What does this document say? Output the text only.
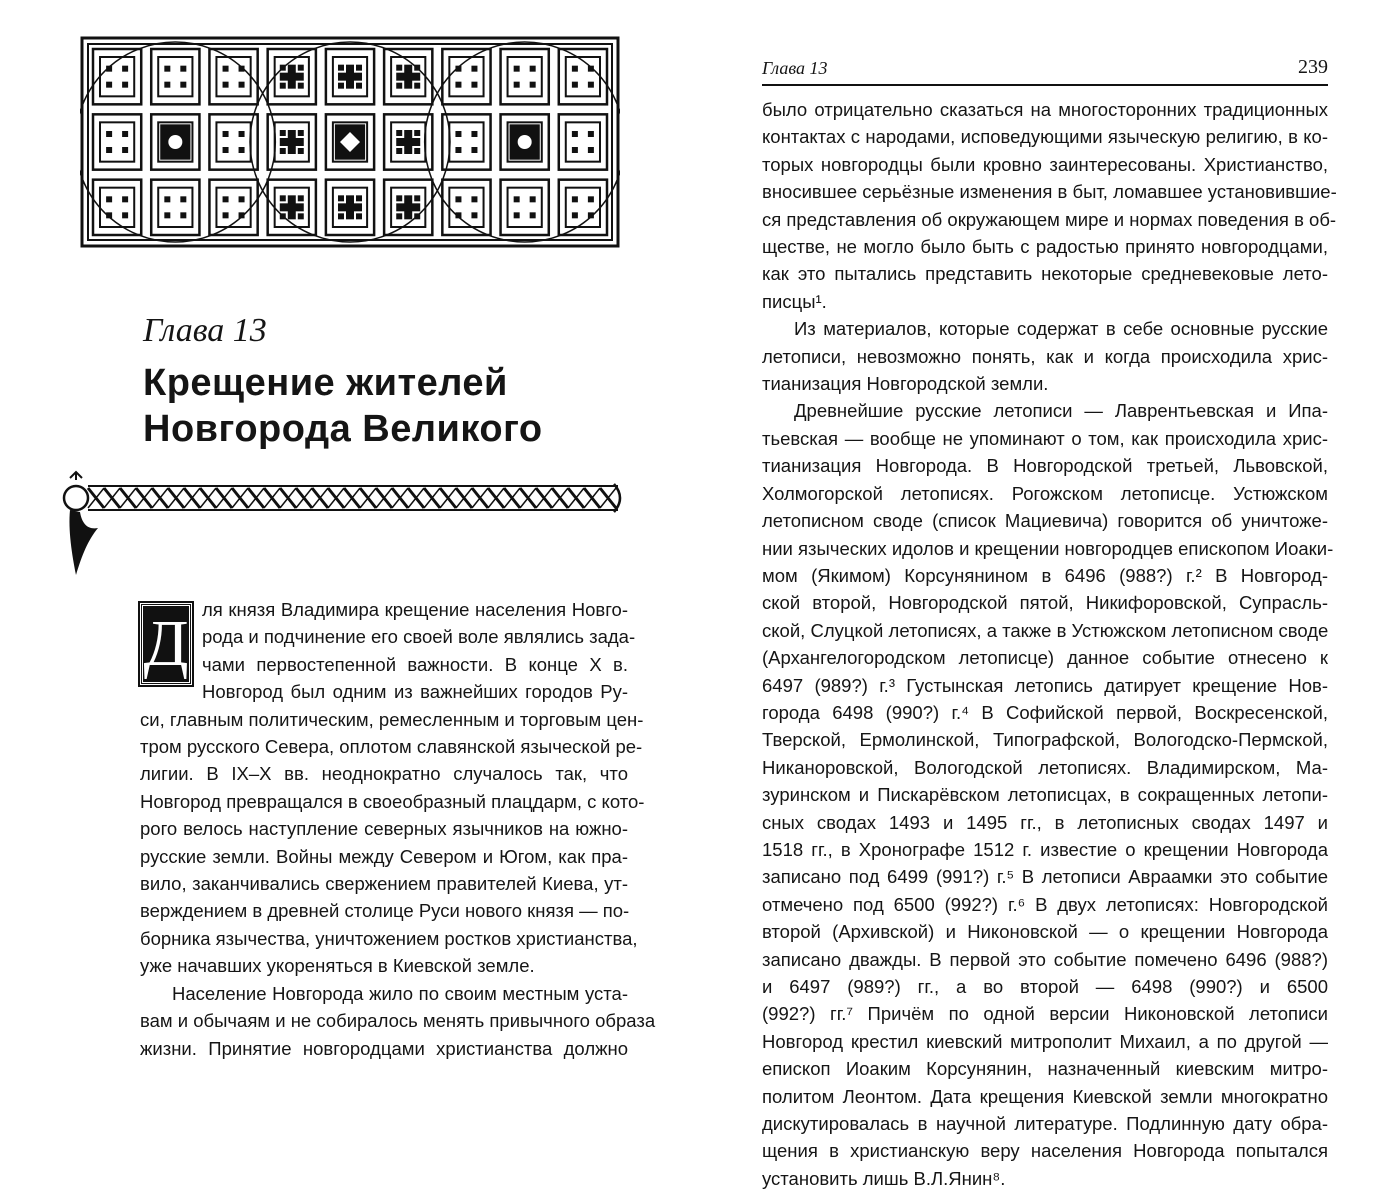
Глава 13
Крещение жителей
Новгорода Великого
Д ля князя Владимира крещение населения Новго-
рода и подчинение его своей воле являлись зада-
чами первостепенной важности. В конце X в.
Новгород был одним из важнейших городов Ру-
си, главным политическим, ремесленным и торговым цен-
тром русского Севера, оплотом славянской языческой ре-
лигии. В IX–X вв. неоднократно случалось так, что
Новгород превращался в своеобразный плацдарм, с кото-
рого велось наступление северных язычников на южно-
русские земли. Войны между Севером и Югом, как пра-
вило, заканчивались свержением правителей Киева, ут-
верждением в древней столице Руси нового князя — по-
борника язычества, уничтожением ростков христианства,
уже начавших укореняться в Киевской земле.
Население Новгорода жило по своим местным уста-
вам и обычаям и не собиралось менять привычного образа
жизни. Принятие новгородцами христианства должно
Глава 13	239
было отрицательно сказаться на многосторонних традиционных
контактах с народами, исповедующими языческую религию, в ко-
торых новгородцы были кровно заинтересованы. Христианство,
вносившее серьёзные изменения в быт, ломавшее установившие-
ся представления об окружающем мире и нормах поведения в об-
ществе, не могло было быть с радостью принято новгородцами,
как это пытались представить некоторые средневековые лето-
писцы¹.
Из материалов, которые содержат в себе основные русские
летописи, невозможно понять, как и когда происходила хрис-
тианизация Новгородской земли.
Древнейшие русские летописи — Лаврентьевская и Ипа-
тьевская — вообще не упоминают о том, как происходила хрис-
тианизация Новгорода. В Новгородской третьей, Львовской,
Холмогорской летописях. Рогожском летописце. Устюжском
летописном своде (список Мациевича) говорится об уничтоже-
нии языческих идолов и крещении новгородцев епископом Иоаки-
мом (Якимом) Корсунянином в 6496 (988?) г.² В Новгород-
ской второй, Новгородской пятой, Никифоровской, Супрасль-
ской, Слуцкой летописях, а также в Устюжском летописном своде
(Архангелогородском летописце) данное событие отнесено к
6497 (989?) г.³ Густынская летопись датирует крещение Нов-
города 6498 (990?) г.⁴ В Софийской первой, Воскресенской,
Тверской, Ермолинской, Типографской, Вологодско-Пермской,
Никаноровской, Вологодской летописях. Владимирском, Ма-
зуринском и Пискарёвском летописцах, в сокращенных летопи-
сных сводах 1493 и 1495 гг., в летописных сводах 1497 и
1518 гг., в Хронографе 1512 г. известие о крещении Новгорода
записано под 6499 (991?) г.⁵ В летописи Авраамки это событие
отмечено под 6500 (992?) г.⁶ В двух летописях: Новгородской
второй (Архивской) и Никоновской — о крещении Новгорода
записано дважды. В первой это событие помечено 6496 (988?)
и 6497 (989?) гг., а во второй — 6498 (990?) и 6500
(992?) гг.⁷ Причём по одной версии Никоновской летописи
Новгород крестил киевский митрополит Михаил, а по другой —
епископ Иоаким Корсунянин, назначенный киевским митро-
политом Леонтом. Дата крещения Киевской земли многократно
дискутировалась в научной литературе. Подлинную дату обра-
щения в христианскую веру населения Новгорода попытался
установить лишь В.Л.Янин⁸.
